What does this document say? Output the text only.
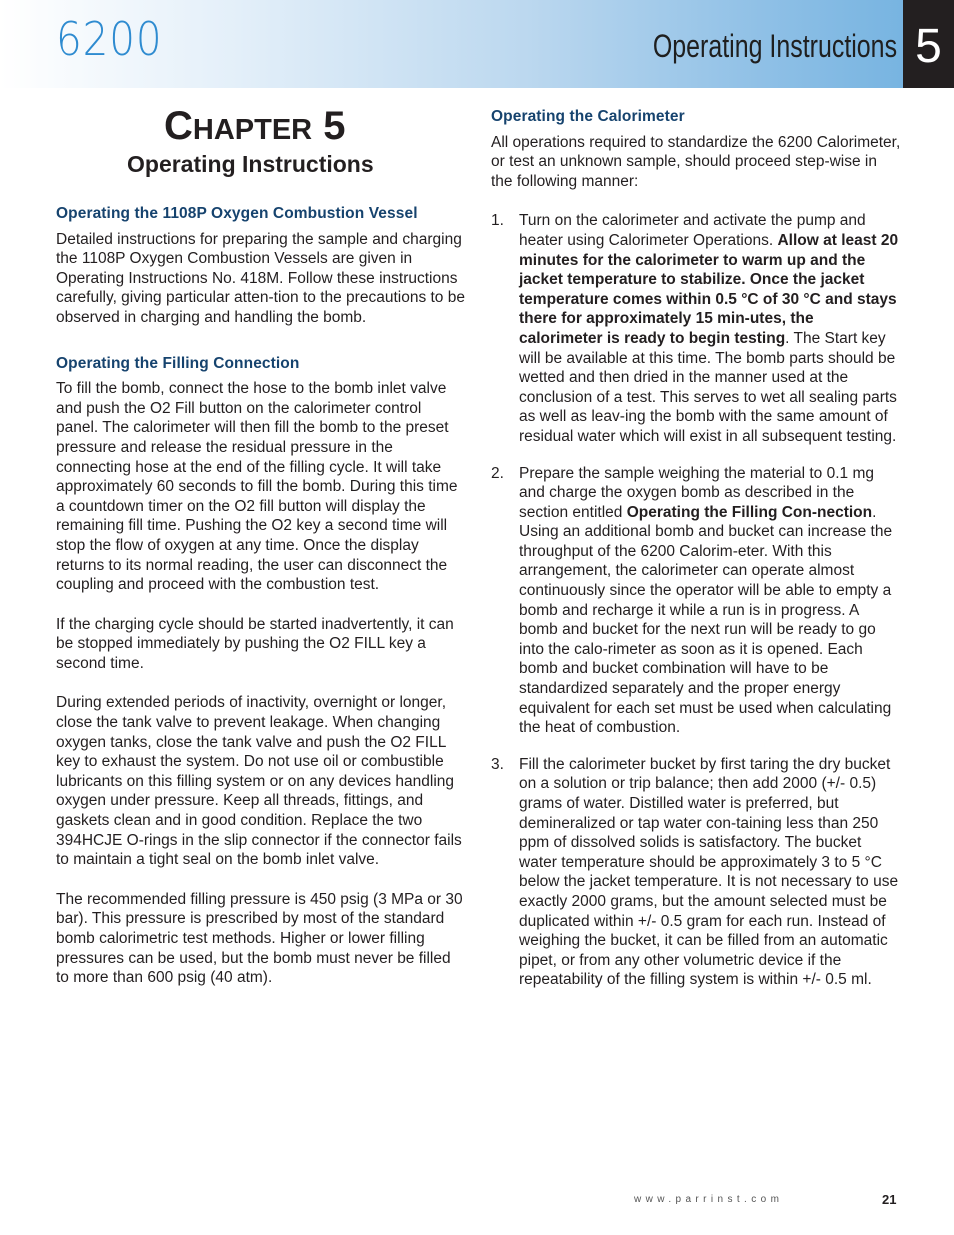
6200	Operating Instructions 5
CHAPTER 5
Operating Instructions
Operating the 1108P Oxygen Combustion Vessel

Detailed instructions for preparing the sample and charging the 1108P Oxygen Combustion Vessels are given in Operating Instructions No. 418M. Follow these instructions carefully, giving particular atten-tion to the precautions to be observed in charging and handling the bomb.

Operating the Filling Connection

To fill the bomb, connect the hose to the bomb inlet valve and push the O2 Fill button on the calorimeter control panel. The calorimeter will then fill the bomb to the preset pressure and release the residual pressure in the connecting hose at the end of the filling cycle. It will take approximately 60 seconds to fill the bomb. During this time a countdown timer on the O2 fill button will display the remaining fill time. Pushing the O2 key a second time will stop the flow of oxygen at any time. Once the display returns to its normal reading, the user can disconnect the coupling and proceed with the combustion test.

If the charging cycle should be started inadvertently, it can be stopped immediately by pushing the O2 FILL key a second time.

During extended periods of inactivity, overnight or longer, close the tank valve to prevent leakage. When changing oxygen tanks, close the tank valve and push the O2 FILL key to exhaust the system. Do not use oil or combustible lubricants on this filling system or on any devices handling oxygen under pressure. Keep all threads, fittings, and gaskets clean and in good condition. Replace the two 394HCJE O-rings in the slip connector if the connector fails to maintain a tight seal on the bomb inlet valve.

The recommended filling pressure is 450 psig (3 MPa or 30 bar). This pressure is prescribed by most of the standard bomb calorimetric test methods. Higher or lower filling pressures can be used, but the bomb must never be filled to more than 600 psig (40 atm).

Operating the Calorimeter

All operations required to standardize the 6200 Calorimeter, or test an unknown sample, should proceed step-wise in the following manner:

1. Turn on the calorimeter and activate the pump and heater using Calorimeter Operations. Allow at least 20 minutes for the calorimeter to warm up and the jacket temperature to stabilize. Once the jacket temperature comes within 0.5 °C of 30 °C and stays there for approximately 15 min-utes, the calorimeter is ready to begin testing. The Start key will be available at this time. The bomb parts should be wetted and then dried in the manner used at the conclusion of a test. This serves to wet all sealing parts as well as leav-ing the bomb with the same amount of residual water which will exist in all subsequent testing.
2. Prepare the sample weighing the material to 0.1 mg and charge the oxygen bomb as described in the section entitled Operating the Filling Con-nection. Using an additional bomb and bucket can increase the throughput of the 6200 Calorim-eter. With this arrangement, the calorimeter can operate almost continuously since the operator will be able to empty a bomb and recharge it while a run is in progress. A bomb and bucket for the next run will be ready to go into the calo-rimeter as soon as it is opened. Each bomb and bucket combination will have to be standardized separately and the proper energy equivalent for each set must be used when calculating the heat of combustion.
3. Fill the calorimeter bucket by first taring the dry bucket on a solution or trip balance; then add 2000 (+/- 0.5) grams of water. Distilled water is preferred, but demineralized or tap water con-taining less than 250 ppm of dissolved solids is satisfactory. The bucket water temperature should be approximately 3 to 5 °C below the jacket temperature. It is not necessary to use exactly 2000 grams, but the amount selected must be duplicated within +/- 0.5 gram for each run. Instead of weighing the bucket, it can be filled from an automatic pipet, or from any other volumetric device if the repeatability of the filling system is within +/- 0.5 ml.
www.parrinst.com	21
